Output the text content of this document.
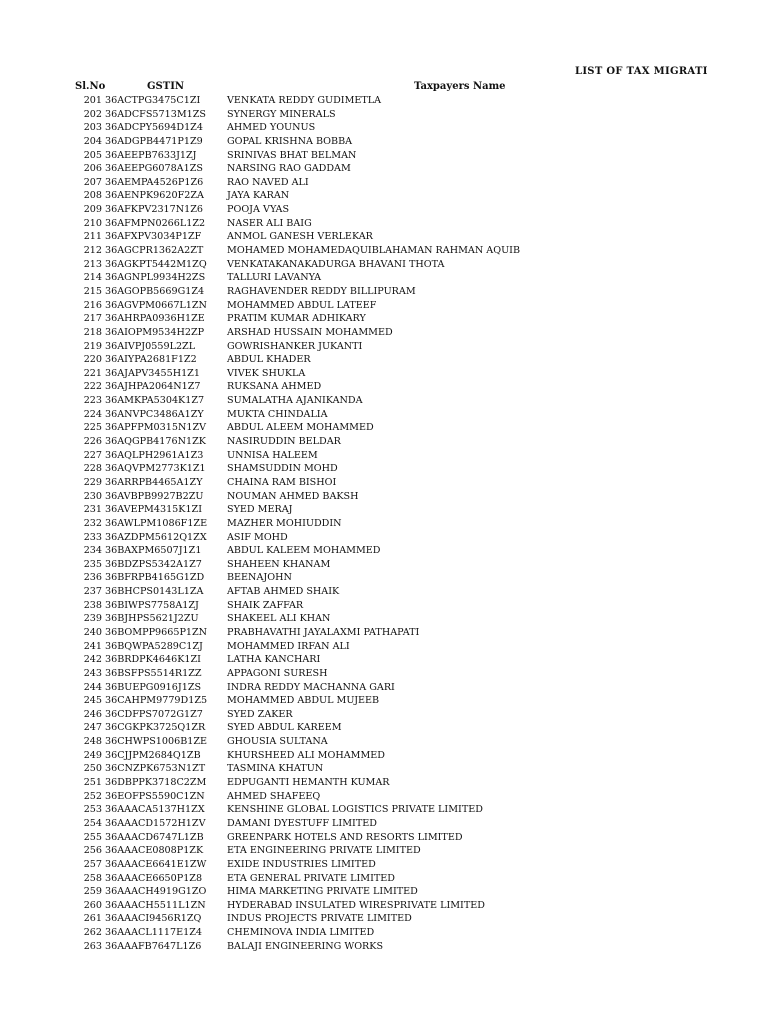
LIST OF TAX MIGRATI
Sl.No	GSTIN	Taxpayers Name
201 36ACTPG3475C1ZI	VENKATA REDDY GUDIMETLA
202 36ADCFS5713M1ZS SYNERGY MINERALS
203 36ADCPY5694D1Z4	AHMED YOUNUS
204 36ADGPB4471P1Z9	GOPAL KRISHNA BOBBA
205 36AEEPB7633J1ZJ	SRINIVAS BHAT BELMAN
206 36AEEPG6078A1ZS	NARSING RAO GADDAM
207 36AEMPA4526P1Z6 RAO NAVED ALI
208 36AENPK9620F2ZA JAYA KARAN
209 36AFKPV2317N1Z6 POOJA VYAS
210 36AFMPN0266L1Z2 NASER ALI BAIG
211 36AFXPV3034P1ZF	ANMOL GANESH VERLEKAR
212 36AGCPR1362A2ZT MOHAMED MOHAMEDAQUIBLAHAMAN RAHMAN AQUIB
213 36AGKPT5442M1ZQ VENKATAKANAKADURGA BHAVANI THOTA
214 36AGNPL9934H2ZS TALLURI LAVANYA
215 36AGOPB5669G1Z4 RAGHAVENDER REDDY BILLIPURAM
216 36AGVPM0667L1ZN MOHAMMED ABDUL LATEEF
217 36AHRPA0936H1ZE PRATIM KUMAR ADHIKARY
218 36AIOPM9534H2ZP ARSHAD HUSSAIN MOHAMMED
219 36AIVPJ0559L2ZL	GOWRISHANKER JUKANTI
220 36AIYPA2681F1Z2	ABDUL KHADER
221 36AJAPV3455H1Z1	VIVEK SHUKLA
222 36AJHPA2064N1Z7	RUKSANA AHMED
223 36AMKPA5304K1Z7 SUMALATHA AJANIKANDA
224 36ANVPC3486A1ZY MUKTA CHINDALIA
225 36APFPM0315N1ZV ABDUL ALEEM MOHAMMED
226 36AQGPB4176N1ZK NASIRUDDIN BELDAR
227 36AQLPH2961A1Z3 UNNISA HALEEM
228 36AQVPM2773K1Z1 SHAMSUDDIN MOHD
229 36ARRPB4465A1ZY	CHAINA RAM BISHOI
230 36AVBPB9927B2ZU NOUMAN AHMED BAKSH
231 36AVEPM4315K1ZI	SYED MERAJ
232 36AWLPM1086F1ZE MAZHER MOHIUDDIN
233 36AZDPM5612Q1ZX ASIF MOHD
234 36BAXPM6507J1Z1	ABDUL KALEEM MOHAMMED
235 36BDZPS5342A1Z7	SHAHEEN KHANAM
236 36BFRPB4165G1ZD BEENAJOHN
237 36BHCPS0143L1ZA AFTAB AHMED SHAIK
238 36BIWPS7758A1ZJ	SHAIK ZAFFAR
239 36BJHPS5621J2ZU	SHAKEEL ALI KHAN
240 36BOMPP9665P1ZN PRABHAVATHI JAYALAXMI PATHAPATI
241 36BQWPA5289C1ZJ	MOHAMMED IRFAN ALI
242 36BRDPK4646K1ZI	LATHA KANCHARI
243 36BSFPS5514R1ZZ	APPAGONI SURESH
244 36BUEPG0916J1ZS	INDRA REDDY MACHANNA GARI
245 36CAHPM9779D1Z5 MOHAMMED ABDUL MUJEEB
246 36CDFPS7072G1Z7	SYED ZAKER
247 36CGKPK3725Q1ZR SYED ABDUL KAREEM
248 36CHWPS1006B1ZE GHOUSIA SULTANA
249 36CJJPM2684Q1ZB	KHURSHEED ALI MOHAMMED
250 36CNZPK6753N1ZT TASMINA KHATUN
251 36DBPPK3718C2ZM EDPUGANTI HEMANTH KUMAR
252 36EOFPS5590C1ZN AHMED SHAFEEQ
253 36AAACA5137H1ZX KENSHINE GLOBAL LOGISTICS PRIVATE LIMITED
254 36AAACD1572H1ZV DAMANI DYESTUFF LIMITED
255 36AAACD6747L1ZB GREENPARK HOTELS AND RESORTS LIMITED
256 36AAACE0808P1ZK ETA ENGINEERING PRIVATE LIMITED
257 36AAACE6641E1ZW EXIDE INDUSTRIES LIMITED
258 36AAACE6650P1Z8	ETA GENERAL PRIVATE LIMITED
259 36AAACH4919G1ZO HIMA MARKETING PRIVATE LIMITED
260 36AAACH5511L1ZN HYDERABAD INSULATED WIRESPRIVATE LIMITED
261 36AAACI9456R1ZQ	INDUS PROJECTS PRIVATE LIMITED
262 36AAACL1117E1Z4	CHEMINOVA INDIA LIMITED
263 36AAAFB7647L1Z6	BALAJI ENGINEERING WORKS
